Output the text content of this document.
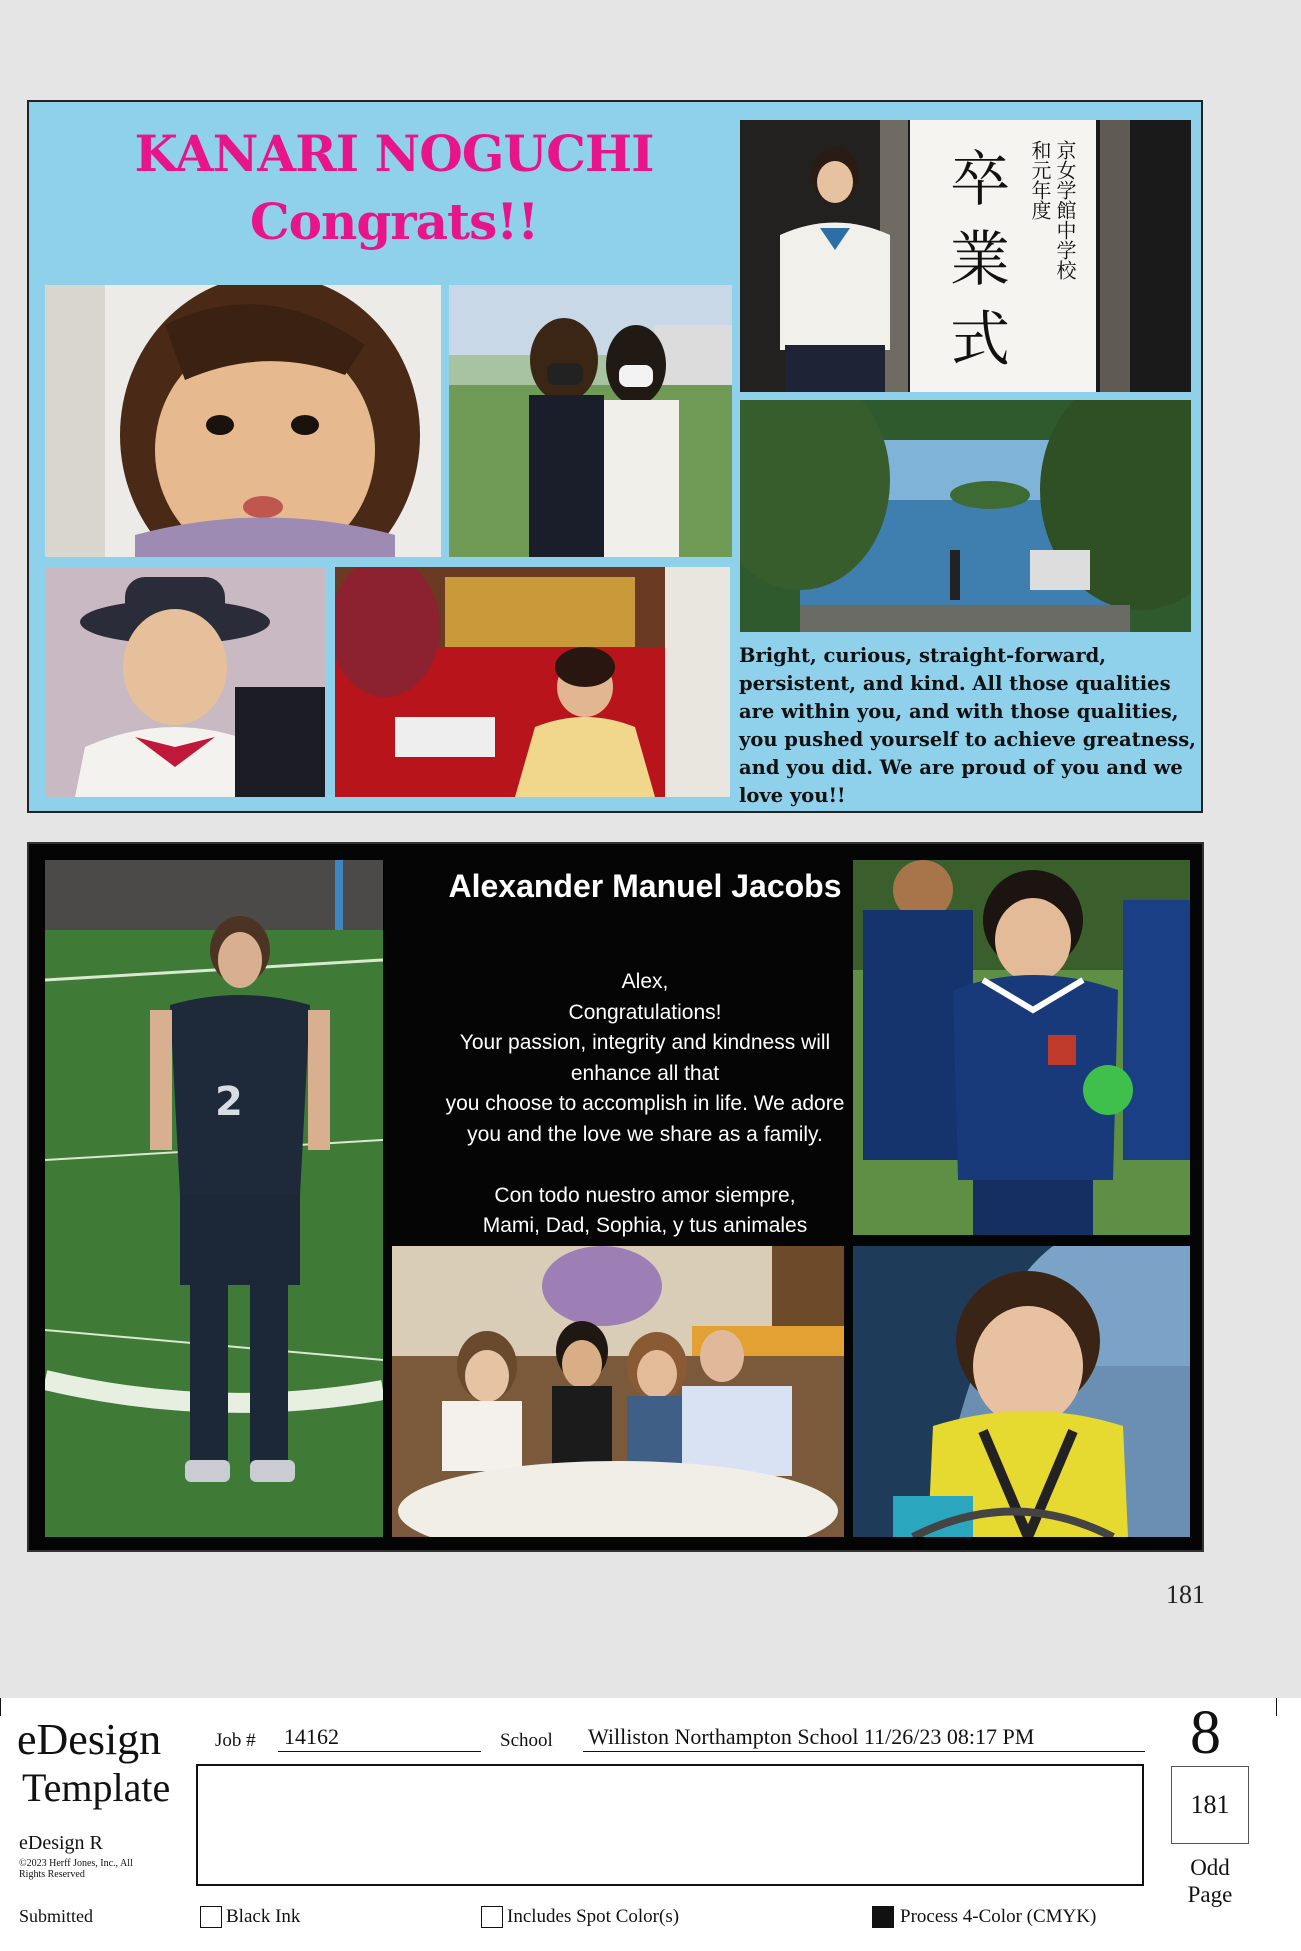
KANARI NOGUCHI
Congrats!!
卒
業
式
和元年度 京女学館中学校
Bright, curious, straight-forward, persistent, and kind. All those qualities are within you, and with those qualities, you pushed yourself to achieve greatness, and you did. We are proud of you and we love you!!
2
Alexander Manuel Jacobs
Alex,
Congratulations!
Your passion, integrity and kindness will
enhance all that
you choose to accomplish in life. We adore
you and the love we share as a family.
Con todo nuestro amor siempre,
Mami, Dad, Sophia, y tus animales
181
eDesign
Template
eDesign R
©2023 Herff Jones, Inc., All Rights Reserved
Submitted
Job # 14162	School Williston Northampton School 11/26/23 08:17 PM	8
181
Odd Page
Black Ink	Includes Spot Color(s)	Process 4-Color (CMYK)
